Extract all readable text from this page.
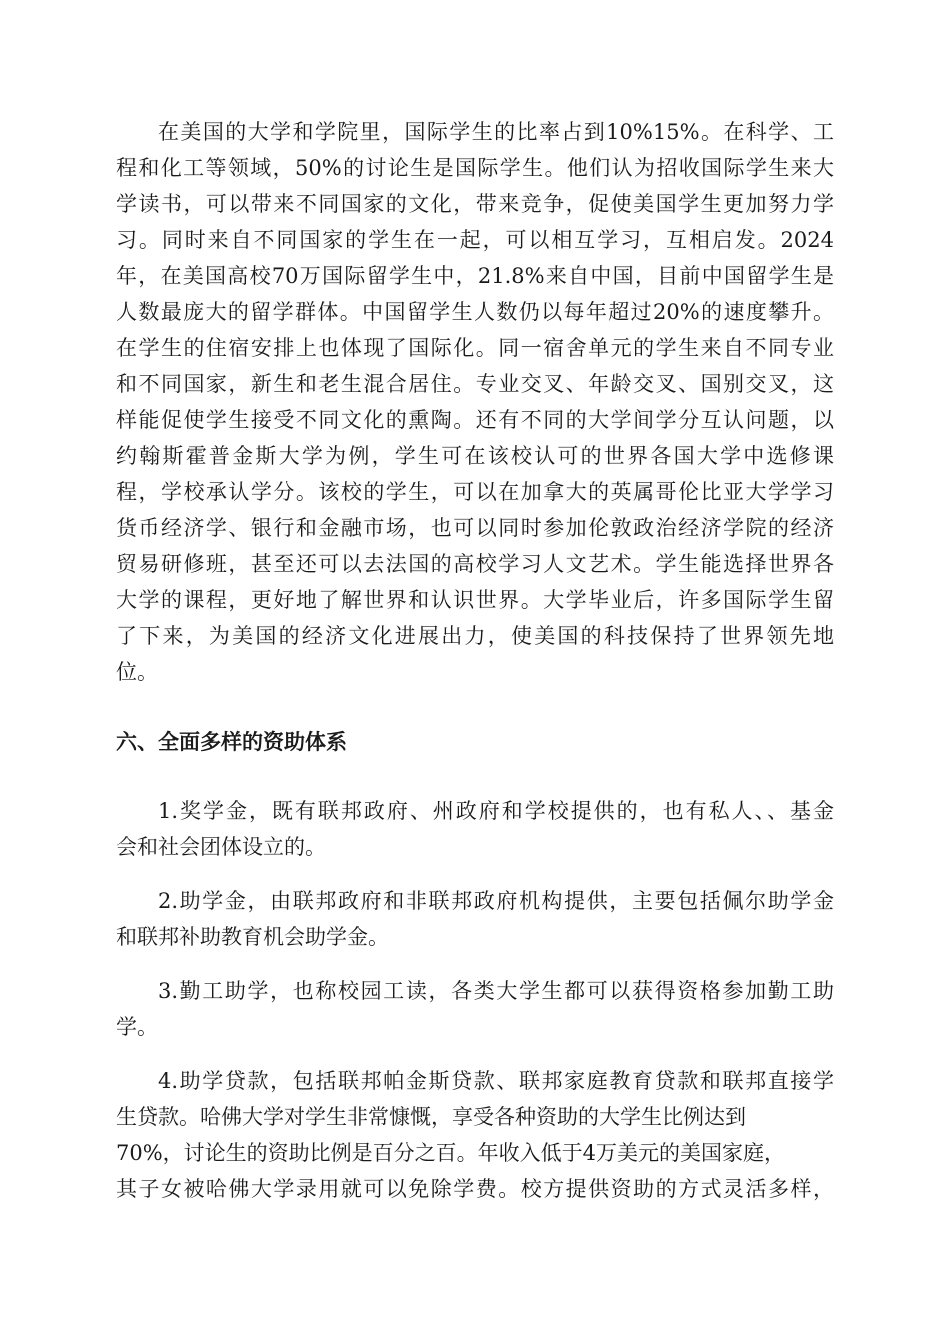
在美国的大学和学院里，国际学生的比率占到10%15%。在科学、工
程和化工等领域，50%的讨论生是国际学生。他们认为招收国际学生来大
学读书，可以带来不同国家的文化，带来竞争，促使美国学生更加努力学
习。同时来自不同国家的学生在一起，可以相互学习，互相启发。2024
年，在美国高校70万国际留学生中，21.8%来自中国，目前中国留学生是
人数最庞大的留学群体。中国留学生人数仍以每年超过20%的速度攀升。
在学生的住宿安排上也体现了国际化。同一宿舍单元的学生来自不同专业
和不同国家，新生和老生混合居住。专业交叉、年龄交叉、国别交叉，这
样能促使学生接受不同文化的熏陶。还有不同的大学间学分互认问题，以
约翰斯霍普金斯大学为例，学生可在该校认可的世界各国大学中选修课
程，学校承认学分。该校的学生，可以在加拿大的英属哥伦比亚大学学习
货币经济学、银行和金融市场，也可以同时参加伦敦政治经济学院的经济
贸易研修班，甚至还可以去法国的高校学习人文艺术。学生能选择世界各
大学的课程，更好地了解世界和认识世界。大学毕业后，许多国际学生留
了下来，为美国的经济文化进展出力，使美国的科技保持了世界领先地
位。
六、全面多样的资助体系
1.奖学金，既有联邦政府、州政府和学校提供的，也有私人、、基金
会和社会团体设立的。
2.助学金，由联邦政府和非联邦政府机构提供，主要包括佩尔助学金
和联邦补助教育机会助学金。
3.勤工助学，也称校园工读，各类大学生都可以获得资格参加勤工助
学。
4.助学贷款，包括联邦帕金斯贷款、联邦家庭教育贷款和联邦直接学
生贷款。哈佛大学对学生非常慷慨，享受各种资助的大学生比例达到
70%，讨论生的资助比例是百分之百。年收入低于4万美元的美国家庭，
其子女被哈佛大学录用就可以免除学费。校方提供资助的方式灵活多样，
